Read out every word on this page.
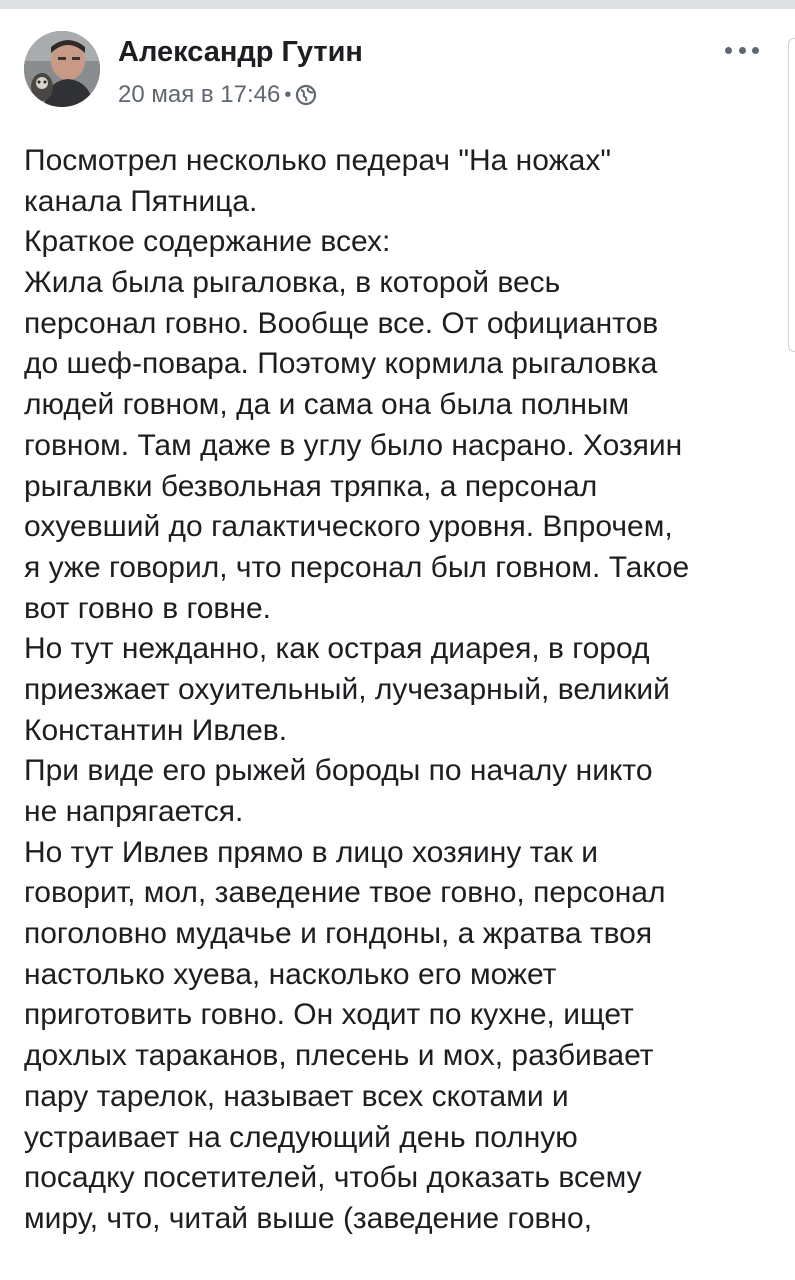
Александр Гутин
20 мая в 17:46 •
Посмотрел несколько педерач "На ножах"
канала Пятница.
Краткое содержание всех:
Жила была рыгаловка, в которой весь
персонал говно. Вообще все. От официантов
до шеф-повара. Поэтому кормила рыгаловка
людей говном, да и сама она была полным
говном. Там даже в углу было насрано. Хозяин
рыгалвки безвольная тряпка, а персонал
охуевший до галактического уровня. Впрочем,
я уже говорил, что персонал был говном. Такое
вот говно в говне.
Но тут нежданно, как острая диарея, в город
приезжает охуительный, лучезарный, великий
Константин Ивлев.
При виде его рыжей бороды по началу никто
не напрягается.
Но тут Ивлев прямо в лицо хозяину так и
говорит, мол, заведение твое говно, персонал
поголовно мудачье и гондоны, а жратва твоя
настолько хуева, насколько его может
приготовить говно. Он ходит по кухне, ищет
дохлых тараканов, плесень и мох, разбивает
пару тарелок, называет всех скотами и
устраивает на следующий день полную
посадку посетителей, чтобы доказать всему
миру, что, читай выше (заведение говно,
